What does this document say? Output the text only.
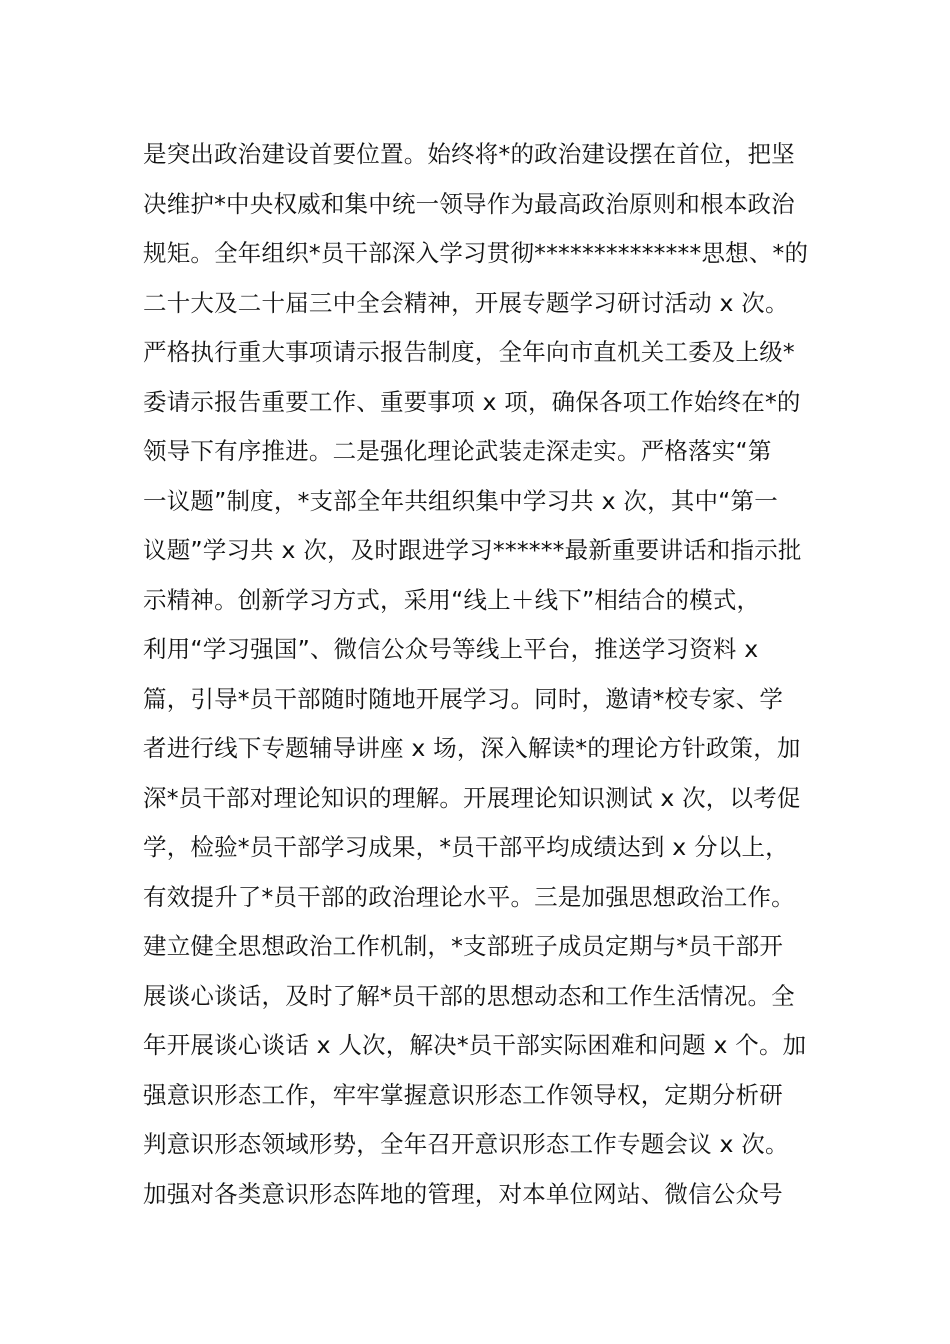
是突出政治建设首要位置。始终将*的政治建设摆在首位，把坚
决维护*中央权威和集中统一领导作为最高政治原则和根本政治
规矩。全年组织*员干部深入学习贯彻**************思想、*的
二十大及二十届三中全会精神，开展专题学习研讨活动 x 次。
严格执行重大事项请示报告制度，全年向市直机关工委及上级*
委请示报告重要工作、重要事项 x 项，确保各项工作始终在*的
领导下有序推进。二是强化理论武装走深走实。严格落实“第
一议题”制度，*支部全年共组织集中学习共 x 次，其中“第一
议题”学习共 x 次，及时跟进学习******最新重要讲话和指示批
示精神。创新学习方式，采用“线上＋线下”相结合的模式，
利用“学习强国”、微信公众号等线上平台，推送学习资料 x
篇，引导*员干部随时随地开展学习。同时，邀请*校专家、学
者进行线下专题辅导讲座 x 场，深入解读*的理论方针政策，加
深*员干部对理论知识的理解。开展理论知识测试 x 次，以考促
学，检验*员干部学习成果，*员干部平均成绩达到 x 分以上，
有效提升了*员干部的政治理论水平。三是加强思想政治工作。
建立健全思想政治工作机制，*支部班子成员定期与*员干部开
展谈心谈话，及时了解*员干部的思想动态和工作生活情况。全
年开展谈心谈话 x 人次，解决*员干部实际困难和问题 x 个。加
强意识形态工作，牢牢掌握意识形态工作领导权，定期分析研
判意识形态领域形势，全年召开意识形态工作专题会议 x 次。
加强对各类意识形态阵地的管理，对本单位网站、微信公众号
